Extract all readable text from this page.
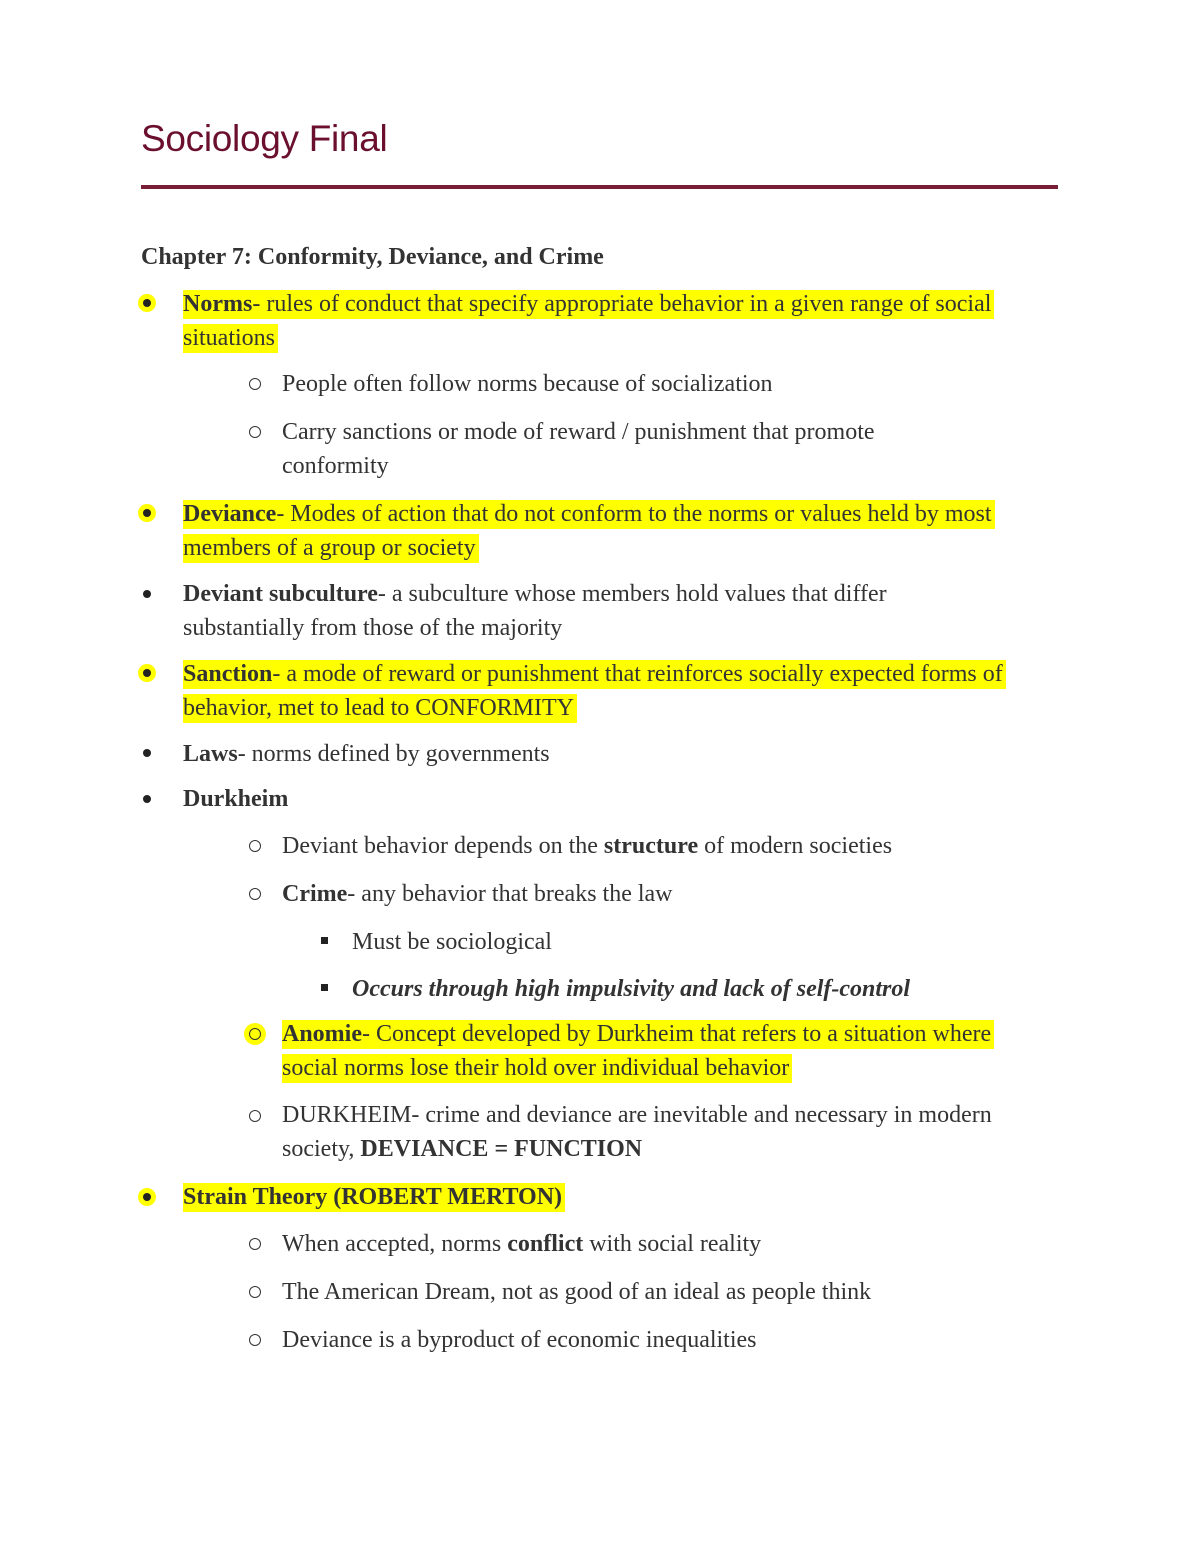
Sociology Final
Chapter 7: Conformity, Deviance, and Crime
Norms- rules of conduct that specify appropriate behavior in a given range of social situations
People often follow norms because of socialization
Carry sanctions or mode of reward / punishment that promote conformity
Deviance- Modes of action that do not conform to the norms or values held by most members of a group or society
Deviant subculture- a subculture whose members hold values that differ substantially from those of the majority
Sanction- a mode of reward or punishment that reinforces socially expected forms of behavior, met to lead to CONFORMITY
Laws- norms defined by governments
Durkheim
Deviant behavior depends on the structure of modern societies
Crime- any behavior that breaks the law
Must be sociological
Occurs through high impulsivity and lack of self-control
Anomie- Concept developed by Durkheim that refers to a situation where social norms lose their hold over individual behavior
DURKHEIM- crime and deviance are inevitable and necessary in modern society, DEVIANCE = FUNCTION
Strain Theory (ROBERT MERTON)
When accepted, norms conflict with social reality
The American Dream, not as good of an ideal as people think
Deviance is a byproduct of economic inequalities
